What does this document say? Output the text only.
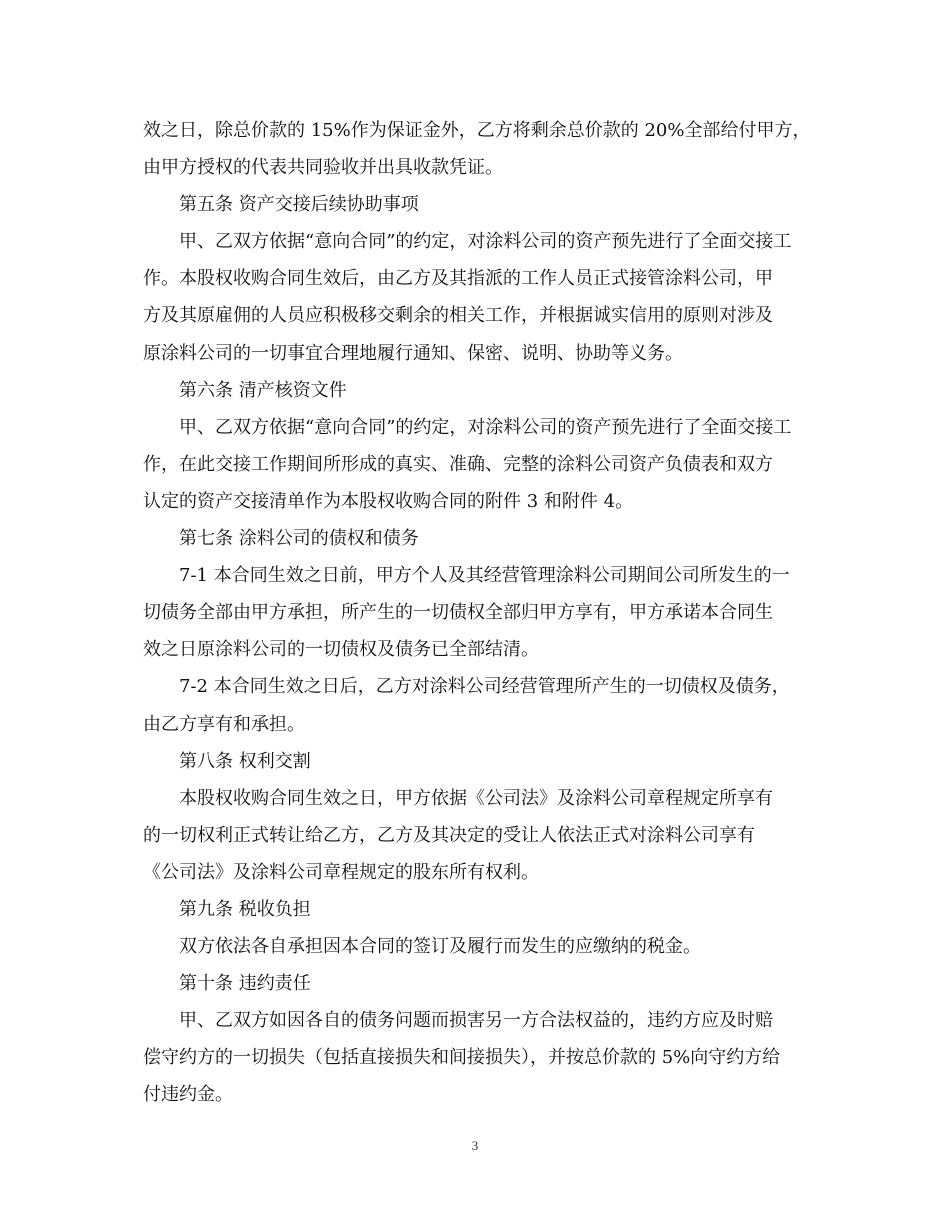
效之日，除总价款的 15%作为保证金外，乙方将剩余总价款的 20%全部给付甲方，
由甲方授权的代表共同验收并出具收款凭证。
第五条 资产交接后续协助事项
甲、乙双方依据“意向合同”的约定，对涂料公司的资产预先进行了全面交接工
作。本股权收购合同生效后，由乙方及其指派的工作人员正式接管涂料公司，甲
方及其原雇佣的人员应积极移交剩余的相关工作，并根据诚实信用的原则对涉及
原涂料公司的一切事宜合理地履行通知、保密、说明、协助等义务。
第六条 清产核资文件
甲、乙双方依据“意向合同”的约定，对涂料公司的资产预先进行了全面交接工
作，在此交接工作期间所形成的真实、准确、完整的涂料公司资产负债表和双方
认定的资产交接清单作为本股权收购合同的附件 3 和附件 4。
第七条 涂料公司的债权和债务
7-1 本合同生效之日前，甲方个人及其经营管理涂料公司期间公司所发生的一
切债务全部由甲方承担，所产生的一切债权全部归甲方享有，甲方承诺本合同生
效之日原涂料公司的一切债权及债务已全部结清。
7-2 本合同生效之日后，乙方对涂料公司经营管理所产生的一切债权及债务，
由乙方享有和承担。
第八条 权利交割
本股权收购合同生效之日，甲方依据《公司法》及涂料公司章程规定所享有
的一切权利正式转让给乙方，乙方及其决定的受让人依法正式对涂料公司享有
《公司法》及涂料公司章程规定的股东所有权利。
第九条 税收负担
双方依法各自承担因本合同的签订及履行而发生的应缴纳的税金。
第十条 违约责任
甲、乙双方如因各自的债务问题而损害另一方合法权益的，违约方应及时赔
偿守约方的一切损失（包括直接损失和间接损失），并按总价款的 5%向守约方给
付违约金。
3
